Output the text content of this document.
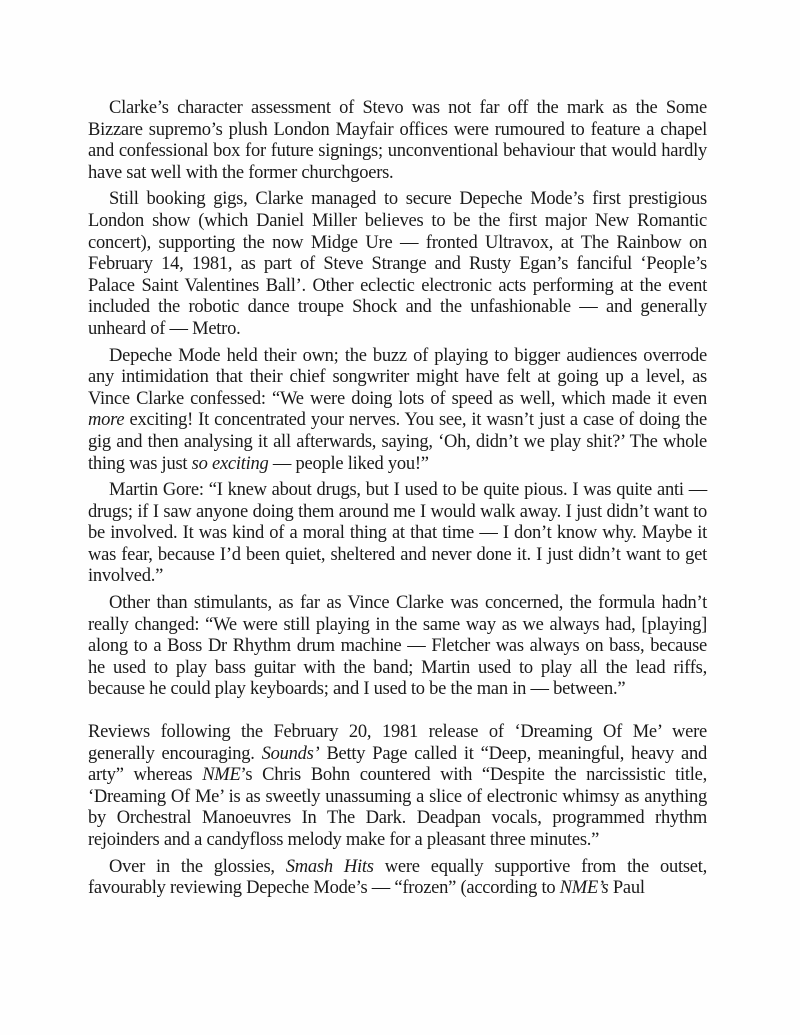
Clarke’s character assessment of Stevo was not far off the mark as the Some Bizzare supremo’s plush London Mayfair offices were rumoured to feature a chapel and confessional box for future signings; unconventional behaviour that would hardly have sat well with the former churchgoers.

Still booking gigs, Clarke managed to secure Depeche Mode’s first prestigious London show (which Daniel Miller believes to be the first major New Romantic concert), supporting the now Midge Ure — fronted Ultravox, at The Rainbow on February 14, 1981, as part of Steve Strange and Rusty Egan’s fanciful ‘People’s Palace Saint Valentines Ball’. Other eclectic electronic acts performing at the event included the robotic dance troupe Shock and the unfashionable — and generally unheard of — Metro.

Depeche Mode held their own; the buzz of playing to bigger audiences overrode any intimidation that their chief songwriter might have felt at going up a level, as Vince Clarke confessed: “We were doing lots of speed as well, which made it even more exciting! It concentrated your nerves. You see, it wasn’t just a case of doing the gig and then analysing it all afterwards, saying, ‘Oh, didn’t we play shit?’ The whole thing was just so exciting — people liked you!”

Martin Gore: “I knew about drugs, but I used to be quite pious. I was quite anti — drugs; if I saw anyone doing them around me I would walk away. I just didn’t want to be involved. It was kind of a moral thing at that time — I don’t know why. Maybe it was fear, because I’d been quiet, sheltered and never done it. I just didn’t want to get involved.”

Other than stimulants, as far as Vince Clarke was concerned, the formula hadn’t really changed: “We were still playing in the same way as we always had, [playing] along to a Boss Dr Rhythm drum machine — Fletcher was always on bass, because he used to play bass guitar with the band; Martin used to play all the lead riffs, because he could play keyboards; and I used to be the man in — between.”

Reviews following the February 20, 1981 release of ‘Dreaming Of Me’ were generally encouraging. Sounds’ Betty Page called it “Deep, meaningful, heavy and arty” whereas NME’s Chris Bohn countered with “Despite the narcissistic title, ‘Dreaming Of Me’ is as sweetly unassuming a slice of electronic whimsy as anything by Orchestral Manoeuvres In The Dark. Deadpan vocals, programmed rhythm rejoinders and a candyfloss melody make for a pleasant three minutes.”

Over in the glossies, Smash Hits were equally supportive from the outset, favourably reviewing Depeche Mode’s — “frozen” (according to NME’s Paul
